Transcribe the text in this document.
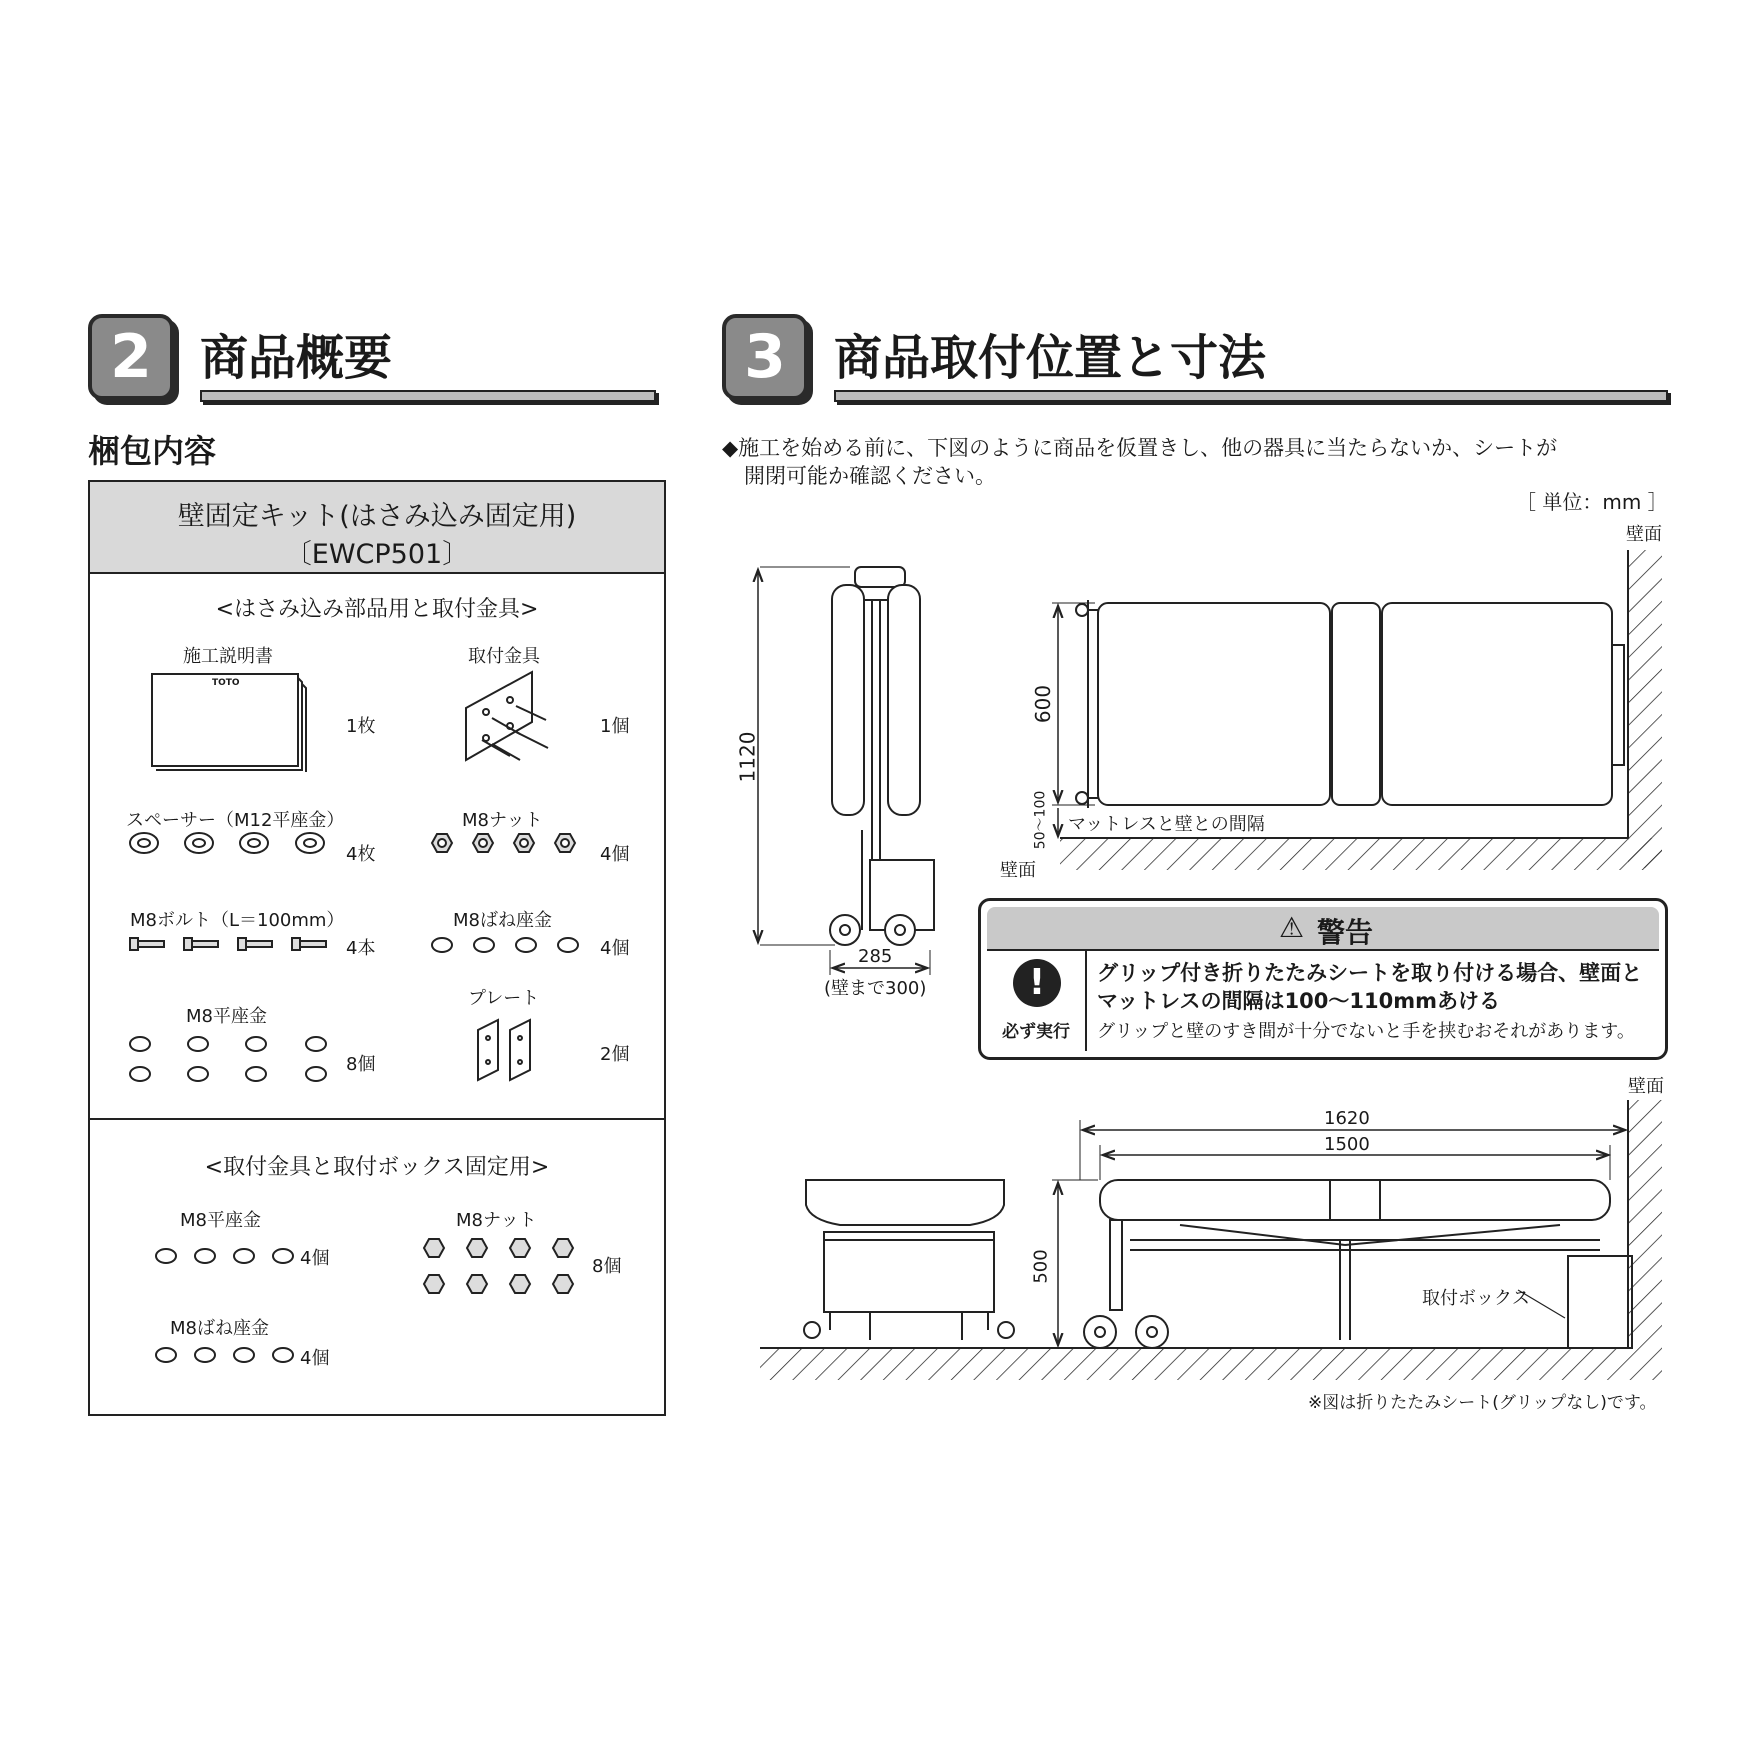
2	商品概要
梱包内容
壁固定キット(はさみ込み固定用)
〔EWCP501〕
<はさみ込み部品用と取付金具>
施工説明書	取付金具
1枚	1個
スペーサー（M12平座金）	M8ナット
4枚	4個
M8ボルト（L＝100mm）	M8ばね座金
4本	4個
M8平座金
プレート
8個	2個
<取付金具と取付ボックス固定用>
M8平座金	M8ナット
4個	8個
M8ばね座金
4個
TOTO
3	商品取付位置と寸法
◆施工を始める前に、下図のように商品を仮置きし、他の器具に当たらないか、シートが
開閉可能か確認ください。
［ 単位：mm ］
壁面
壁面
壁面
1120
285
(壁まで300)
600
50〜100 マットレスと壁との間隔
1620
1500
500
取付ボックス
⚠ 警告
!
必ず実行
グリップ付き折りたたみシートを取り付ける場合、壁面と
マットレスの間隔は100〜110mmあける
グリップと壁のすき間が十分でないと手を挟むおそれがあります。
※図は折りたたみシート(グリップなし)です。
